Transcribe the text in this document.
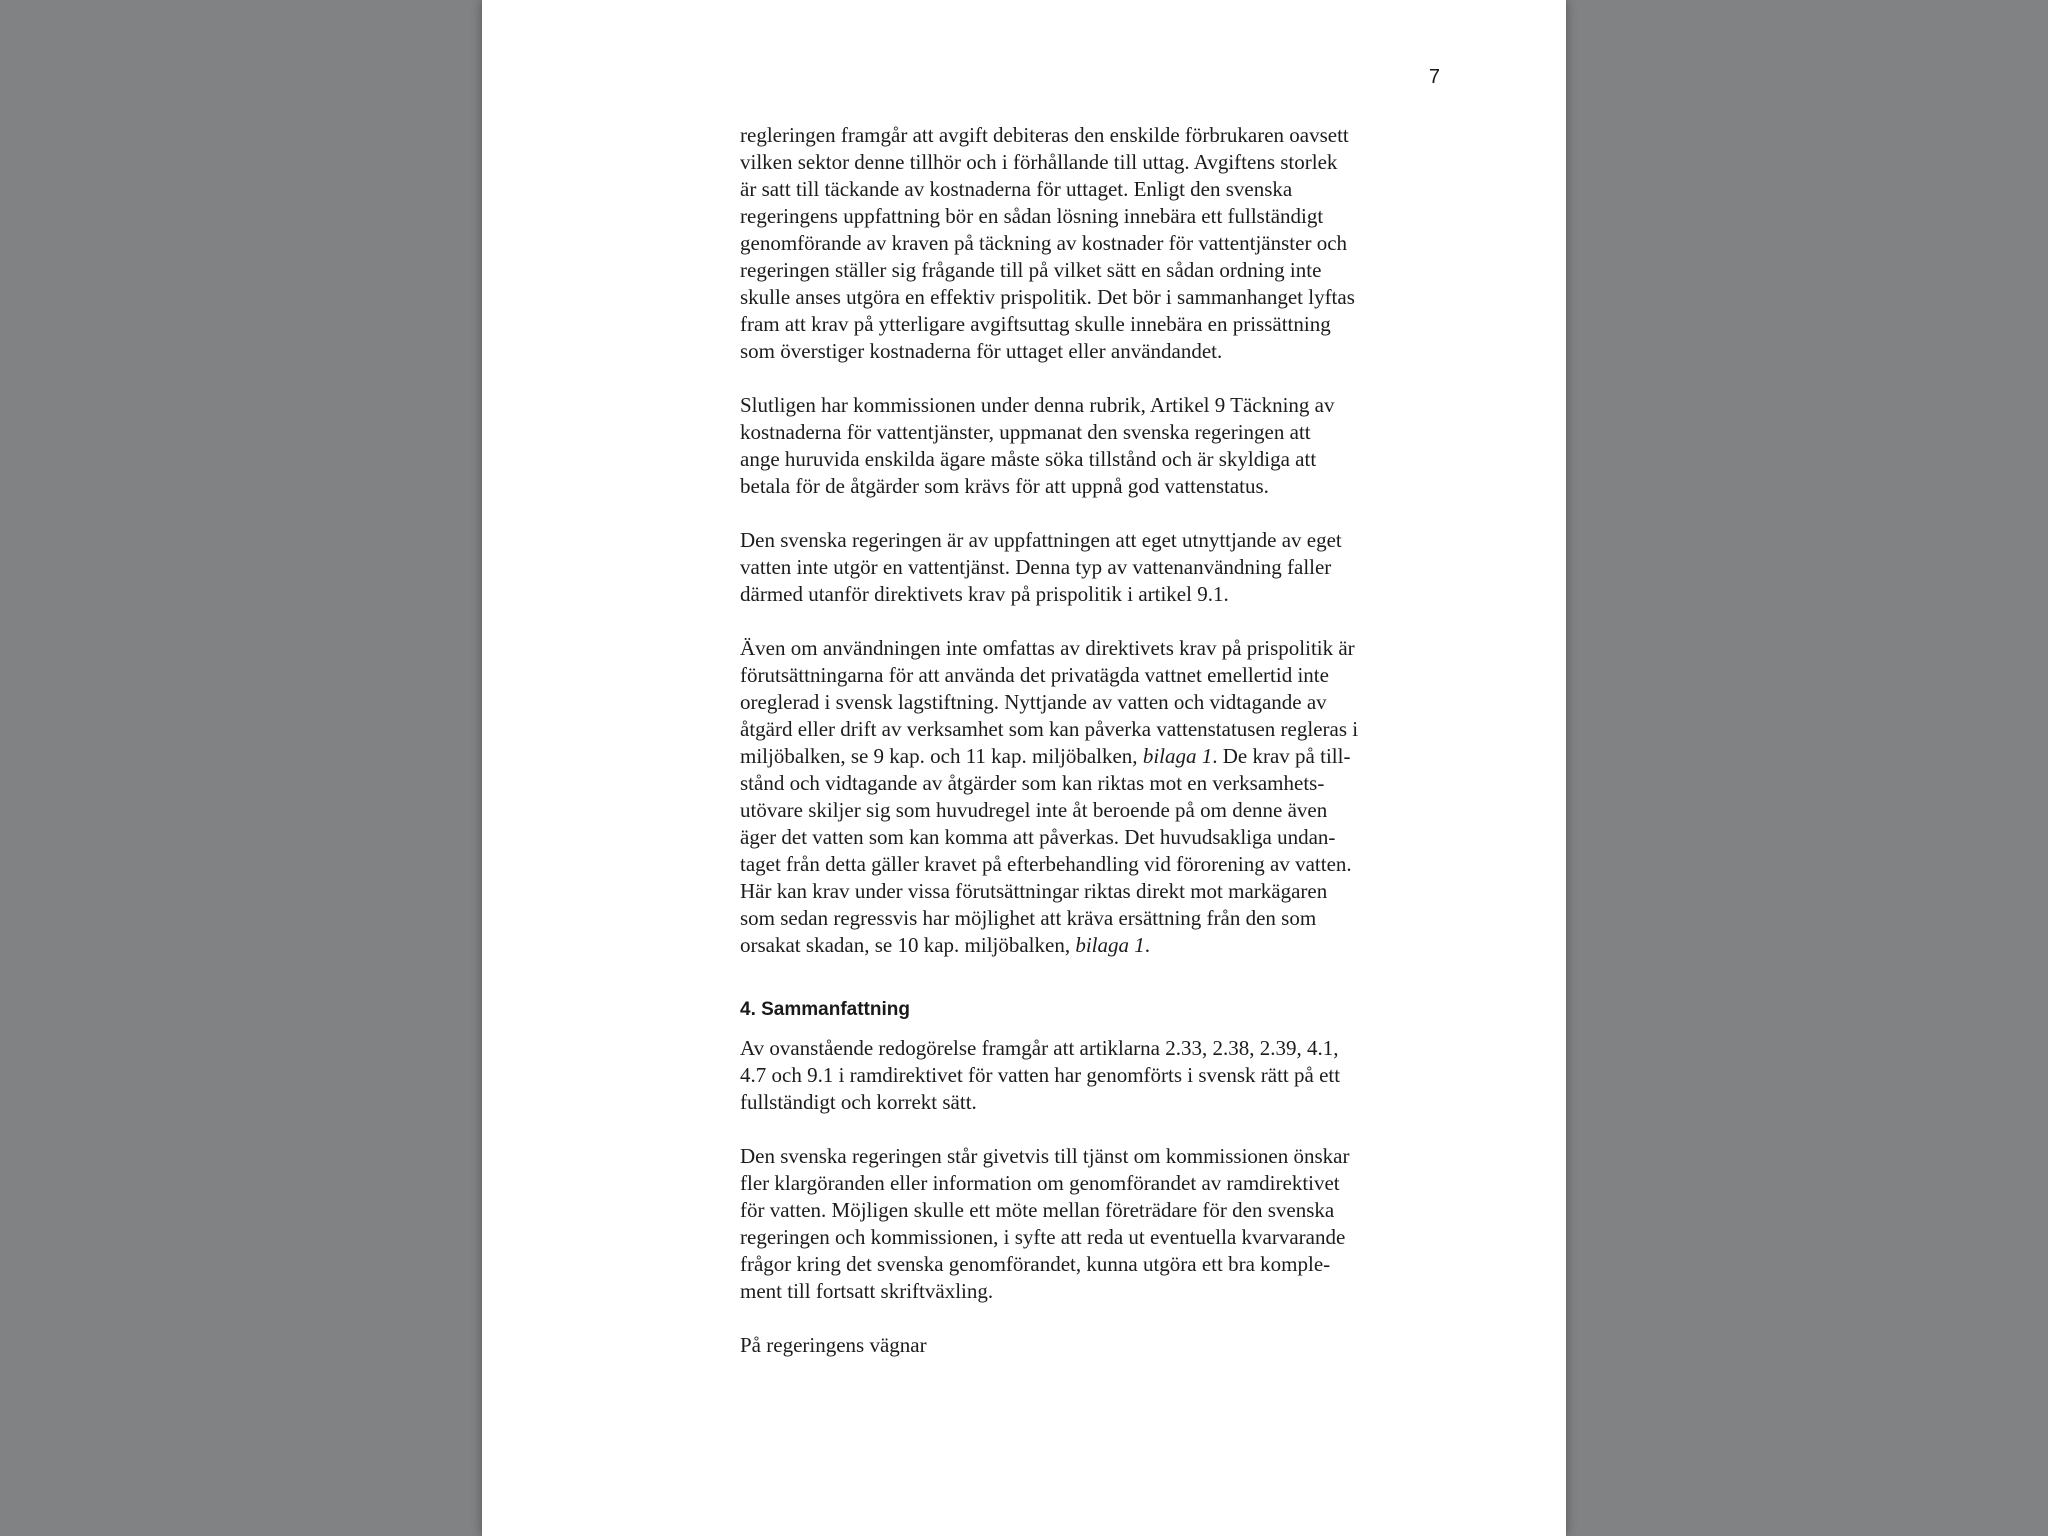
7

regleringen framgår att avgift debiteras den enskilde förbrukaren oavsett
vilken sektor denne tillhör och i förhållande till uttag. Avgiftens storlek
är satt till täckande av kostnaderna för uttaget. Enligt den svenska
regeringens uppfattning bör en sådan lösning innebära ett fullständigt
genomförande av kraven på täckning av kostnader för vattentjänster och
regeringen ställer sig frågande till på vilket sätt en sådan ordning inte
skulle anses utgöra en effektiv prispolitik. Det bör i sammanhanget lyftas
fram att krav på ytterligare avgiftsuttag skulle innebära en prissättning
som överstiger kostnaderna för uttaget eller användandet.

Slutligen har kommissionen under denna rubrik, Artikel 9 Täckning av
kostnaderna för vattentjänster, uppmanat den svenska regeringen att
ange huruvida enskilda ägare måste söka tillstånd och är skyldiga att
betala för de åtgärder som krävs för att uppnå god vattenstatus.

Den svenska regeringen är av uppfattningen att eget utnyttjande av eget
vatten inte utgör en vattentjänst. Denna typ av vattenanvändning faller
därmed utanför direktivets krav på prispolitik i artikel 9.1.

Även om användningen inte omfattas av direktivets krav på prispolitik är
förutsättningarna för att använda det privatägda vattnet emellertid inte
oreglerad i svensk lagstiftning. Nyttjande av vatten och vidtagande av
åtgärd eller drift av verksamhet som kan påverka vattenstatusen regleras i
miljöbalken, se 9 kap. och 11 kap. miljöbalken, bilaga 1. De krav på till-
stånd och vidtagande av åtgärder som kan riktas mot en verksamhets-
utövare skiljer sig som huvudregel inte åt beroende på om denne även
äger det vatten som kan komma att påverkas. Det huvudsakliga undan-
taget från detta gäller kravet på efterbehandling vid förorening av vatten.
Här kan krav under vissa förutsättningar riktas direkt mot markägaren
som sedan regressvis har möjlighet att kräva ersättning från den som
orsakat skadan, se 10 kap. miljöbalken, bilaga 1.

4. Sammanfattning

Av ovanstående redogörelse framgår att artiklarna 2.33, 2.38, 2.39, 4.1,
4.7 och 9.1 i ramdirektivet för vatten har genomförts i svensk rätt på ett
fullständigt och korrekt sätt.

Den svenska regeringen står givetvis till tjänst om kommissionen önskar
fler klargöranden eller information om genomförandet av ramdirektivet
för vatten. Möjligen skulle ett möte mellan företrädare för den svenska
regeringen och kommissionen, i syfte att reda ut eventuella kvarvarande
frågor kring det svenska genomförandet, kunna utgöra ett bra komple-
ment till fortsatt skriftväxling.

På regeringens vägnar
